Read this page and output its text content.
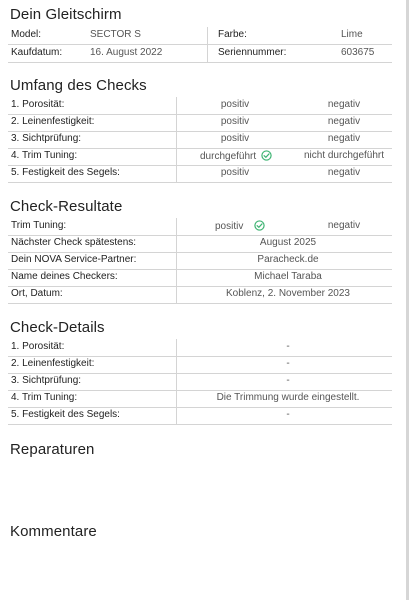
Dein Gleitschirm
Model:	SECTOR S	Farbe:	Lime
Kaufdatum:	16. August 2022	Seriennummer:	603675
Umfang des Checks
1. Porosität:	positiv	negativ
2. Leinenfestigkeit:	positiv	negativ
3. Sichtprüfung:	positiv	negativ
4. Trim Tuning:	durchgeführt	nicht durchgeführt
5. Festigkeit des Segels:	positiv	negativ
Check-Resultate
Trim Tuning:	positiv	negativ
Nächster Check spätestens:	August 2025
Dein NOVA Service-Partner:	Paracheck.de
Name deines Checkers:	Michael Taraba
Ort, Datum:	Koblenz, 2. November 2023
Check-Details
1. Porosität:	-
2. Leinenfestigkeit:	-
3. Sichtprüfung:	-
4. Trim Tuning:	Die Trimmung wurde eingestellt.
5. Festigkeit des Segels:	-
Reparaturen
Kommentare
